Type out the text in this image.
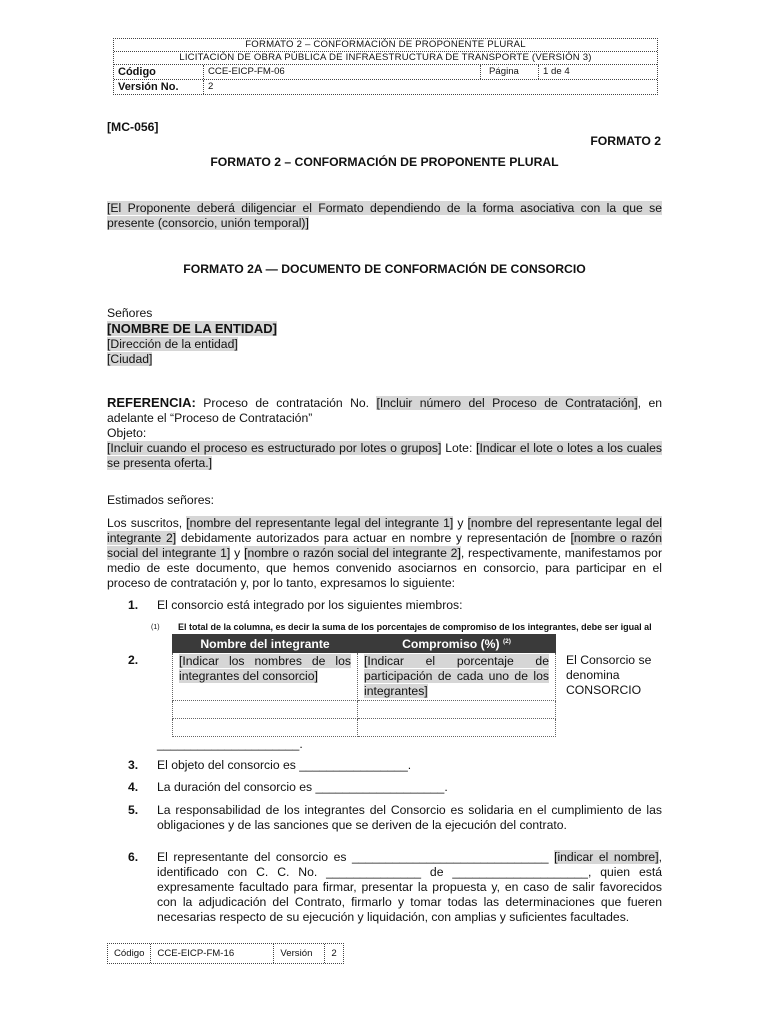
FORMATO 2 – CONFORMACIÓN DE PROPONENTE PLURAL
LICITACIÓN DE OBRA PÚBLICA DE INFRAESTRUCTURA DE TRANSPORTE (VERSIÓN 3)
Código	CCE-EICP-FM-06	Página	1 de 4
Versión No.	2
[MC-056]
FORMATO 2
FORMATO 2 – CONFORMACIÓN DE PROPONENTE PLURAL
[El Proponente deberá diligenciar el Formato dependiendo de la forma asociativa con la que se presente (consorcio, unión temporal)]
FORMATO 2A — DOCUMENTO DE CONFORMACIÓN DE CONSORCIO
Señores
[NOMBRE DE LA ENTIDAD]
[Dirección de la entidad]
[Ciudad]
REFERENCIA: Proceso de contratación No. [Incluir número del Proceso de Contratación], en adelante el “Proceso de Contratación”
Objeto:
[Incluir cuando el proceso es estructurado por lotes o grupos] Lote: [Indicar el lote o lotes a los cuales se presenta oferta.]
Estimados señores:
Los suscritos, [nombre del representante legal del integrante 1] y [nombre del representante legal del integrante 2] debidamente autorizados para actuar en nombre y representación de [nombre o razón social del integrante 1] y [nombre o razón social del integrante 2], respectivamente, manifestamos por medio de este documento, que hemos convenido asociarnos en consorcio, para participar en el proceso de contratación y, por lo tanto, expresamos lo siguiente:
1. El consorcio está integrado por los siguientes miembros:
(1) El total de la columna, es decir la suma de los porcentajes de compromiso de los integrantes, debe ser igual al
2.	El Consorcio se denomina CONSORCIO
_____________________.
Nombre del integrante	Compromiso (%) $^{(2)}$
[Indicar los nombres de los integrantes del consorcio]	[Indicar el porcentaje de participación de cada uno de los integrantes]

3. El objeto del consorcio es ________________.
4. La duración del consorcio es ___________________.
5. La responsabilidad de los integrantes del Consorcio es solidaria en el cumplimiento de las obligaciones y de las sanciones que se deriven de la ejecución del contrato.
6. El representante del consorcio es _____________________________ [indicar el nombre], identificado con C. C. No. ______________ de ____________________, quien está expresamente facultado para firmar, presentar la propuesta y, en caso de salir favorecidos con la adjudicación del Contrato, firmarlo y tomar todas las determinaciones que fueren necesarias respecto de su ejecución y liquidación, con amplias y suficientes facultades.
Código	CCE-EICP-FM-16	Versión	2
